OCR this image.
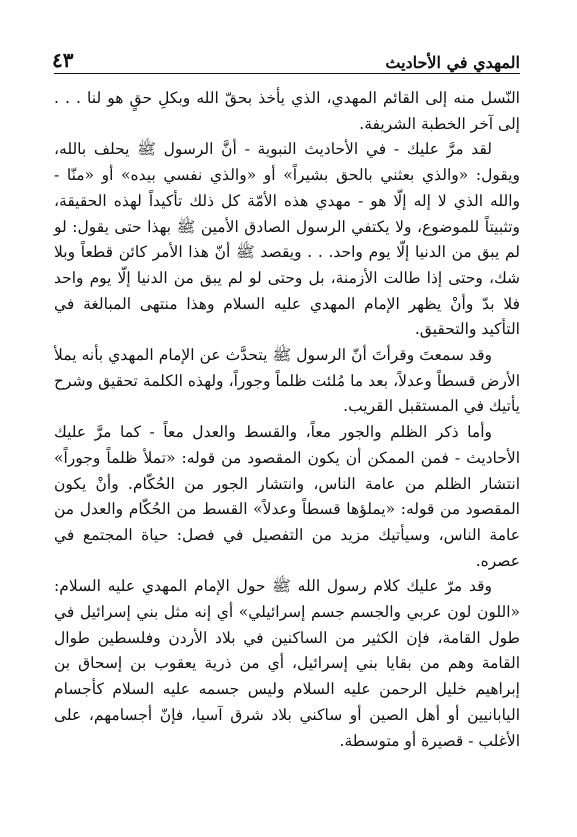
المهدي في الأحاديث
٤٣

النّسل منه إلى القائم المهدي، الذي يأخذ بحقّ الله وبكلِ حقٍ هو لنا . . . إلى آخر الخطبة الشريفة.

لقد مرَّ عليك - في الأحاديث النبوية - أنَّ الرسول ﷺ يحلف بالله، ويقول: «والذي بعثني بالحق بشيراً» أو «والذي نفسي بيده» أو «منّا - والله الذي لا إله إلّا هو - مهدي هذه الأمّة كل ذلك تأكيداً لهذه الحقيقة، وتثبيتاً للموضوع، ولا يكتفي الرسول الصادق الأمين ﷺ بهذا حتى يقول: لو لم يبق من الدنيا إلّا يوم واحد. . . ويقصد ﷺ أنّ هذا الأمر كائن قطعاً وبلا شك، وحتى إذا طالت الأزمنة، بل وحتى لو لم يبق من الدنيا إلّا يوم واحد فلا بدّ وأنْ يظهر الإمام المهدي عليه السلام وهذا منتهى المبالغة في التأكيد والتحقيق.

وقد سمعتَ وقرأتَ أنّ الرسول ﷺ يتحدَّث عن الإمام المهدي بأنه يملأ الأرض قسطاً وعدلاً، بعد ما مُلئت ظلماً وجوراً، ولهذه الكلمة تحقيق وشرح يأتيك في المستقبل القريب.

وأما ذكر الظلم والجور معاً، والقسط والعدل معاً - كما مرَّ عليك الأحاديث - فمن الممكن أن يكون المقصود من قوله: «تملأ ظلماً وجوراً» انتشار الظلم من عامة الناس، وانتشار الجور من الحُكّام. وأنْ يكون المقصود من قوله: «يملؤها قسطاً وعدلاً» القسط من الحُكّام والعدل من عامة الناس، وسيأتيك مزيد من التفصيل في فصل: حياة المجتمع في عصره.

وقد مرّ عليك كلام رسول الله ﷺ حول الإمام المهدي عليه السلام: «اللون لون عربي والجسم جسم إسرائيلي» أي إنه مثل بني إسرائيل في طول القامة، فإن الكثير من الساكنين في بلاد الأردن وفلسطين طوال القامة وهم من بقايا بني إسرائيل، أي من ذرية يعقوب بن إسحاق بن إبراهيم خليل الرحمن عليه السلام وليس جسمه عليه السلام كأجسام اليابانيين أو أهل الصين أو ساكني بلاد شرق آسيا، فإنّ أجسامهم، على الأغلب - قصيرة أو متوسطة.
